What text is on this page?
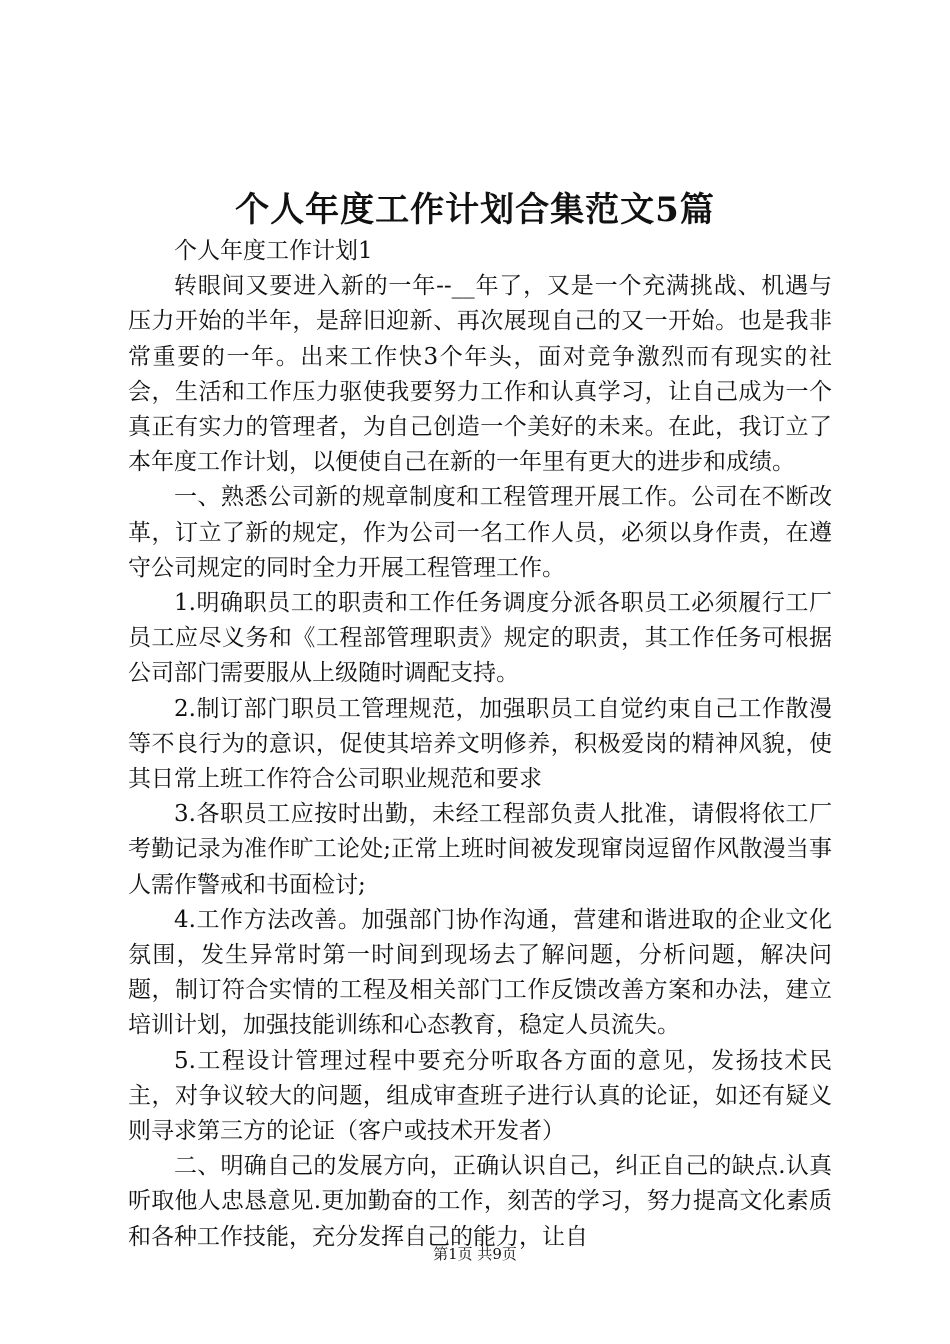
个人年度工作计划合集范文5篇

个人年度工作计划1

转眼间又要进入新的一年--__年了，又是一个充满挑战、机遇与压力开始的半年，是辞旧迎新、再次展现自己的又一开始。也是我非常重要的一年。出来工作快3个年头，面对竞争激烈而有现实的社会，生活和工作压力驱使我要努力工作和认真学习，让自己成为一个真正有实力的管理者，为自己创造一个美好的未来。在此，我订立了本年度工作计划，以便使自己在新的一年里有更大的进步和成绩。

一、熟悉公司新的规章制度和工程管理开展工作。公司在不断改革，订立了新的规定，作为公司一名工作人员，必须以身作责，在遵守公司规定的同时全力开展工程管理工作。

1.明确职员工的职责和工作任务调度分派各职员工必须履行工厂员工应尽义务和《工程部管理职责》规定的职责，其工作任务可根据公司部门需要服从上级随时调配支持。

2.制订部门职员工管理规范，加强职员工自觉约束自己工作散漫等不良行为的意识，促使其培养文明修养，积极爱岗的精神风貌，使其日常上班工作符合公司职业规范和要求

3.各职员工应按时出勤，未经工程部负责人批准，请假将依工厂考勤记录为准作旷工论处;正常上班时间被发现窜岗逗留作风散漫当事人需作警戒和书面检讨;

4.工作方法改善。加强部门协作沟通，营建和谐进取的企业文化氛围，发生异常时第一时间到现场去了解问题，分析问题，解决问题，制订符合实情的工程及相关部门工作反馈改善方案和办法，建立培训计划，加强技能训练和心态教育，稳定人员流失。

5.工程设计管理过程中要充分听取各方面的意见，发扬技术民主，对争议较大的问题，组成审查班子进行认真的论证，如还有疑义则寻求第三方的论证（客户或技术开发者）

二、明确自己的发展方向，正确认识自己，纠正自己的缺点.认真听取他人忠恳意见.更加勤奋的工作，刻苦的学习，努力提高文化素质和各种工作技能，充分发挥自己的能力，让自

第1页 共9页
